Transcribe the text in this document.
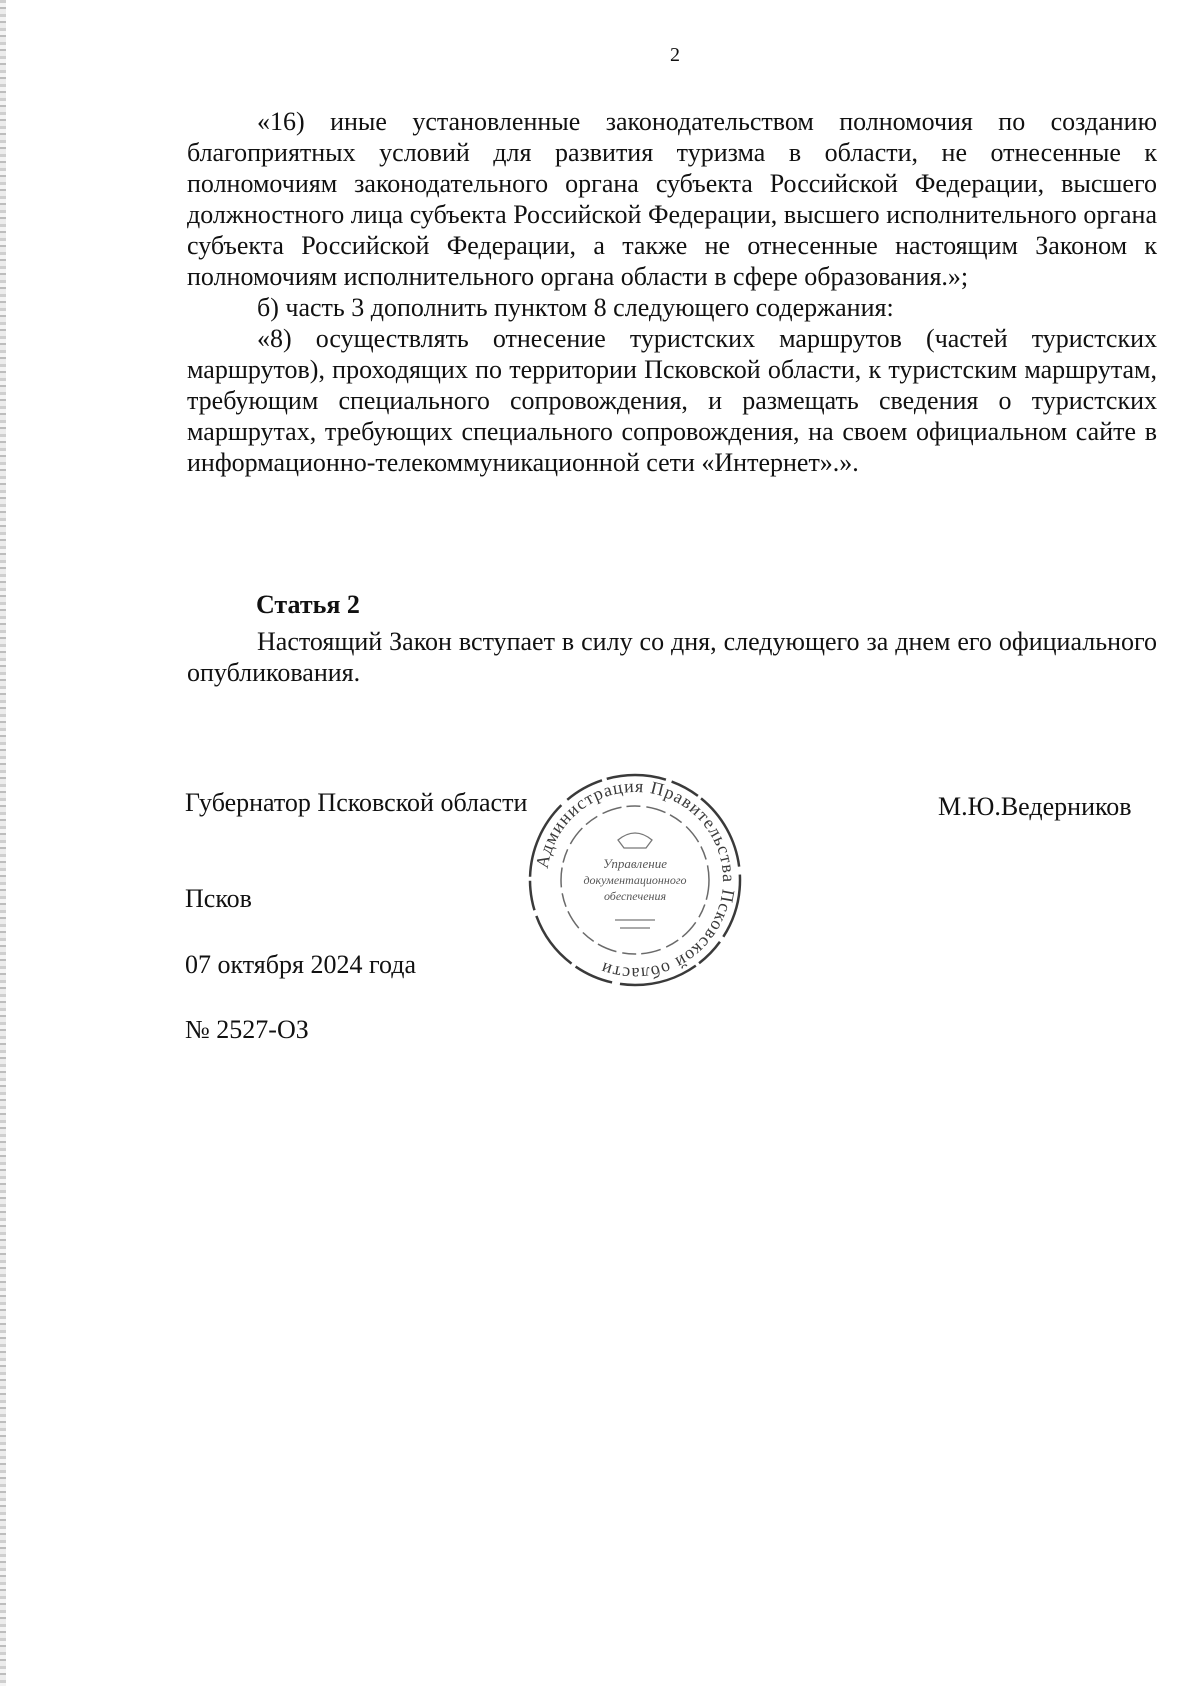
2

«16) иные установленные законодательством полномочия по созданию благоприятных условий для развития туризма в области, не отнесенные к полномочиям законодательного органа субъекта Российской Федерации, высшего должностного лица субъекта Российской Федерации, высшего исполнительного органа субъекта Российской Федерации, а также не отнесенные настоящим Законом к полномочиям исполнительного органа области в сфере образования.»;

б) часть 3 дополнить пунктом 8 следующего содержания:

«8) осуществлять отнесение туристских маршрутов (частей туристских маршрутов), проходящих по территории Псковской области, к туристским маршрутам, требующим специального сопровождения, и размещать сведения о туристских маршрутах, требующих специального сопровождения, на своем официальном сайте в информационно-телекоммуникационной сети «Интернет».».

Статья 2

Настоящий Закон вступает в силу со дня, следующего за днем его официального опубликования.

Губернатор Псковской области	М.Ю.Ведерников
Администрация Правительства Псковской области
Управление
документационного
обеспечения
Псков
07 октября 2024 года
№ 2527-ОЗ
